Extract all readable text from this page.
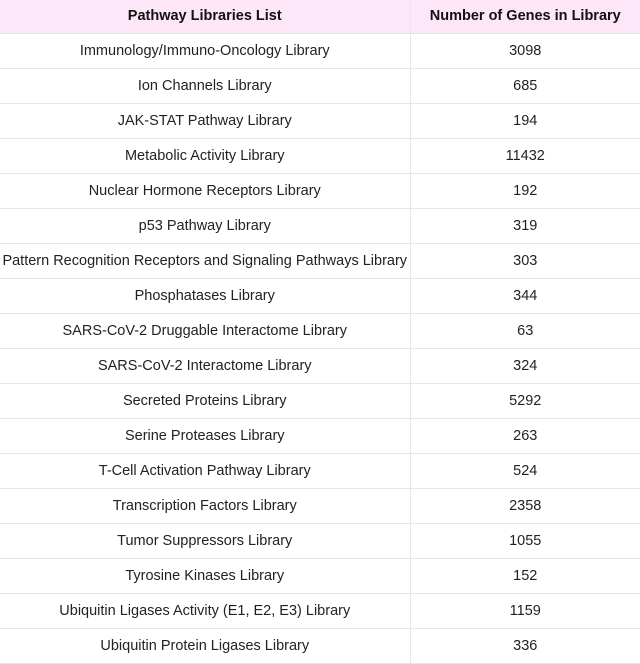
Pathway Libraries List	Number of Genes in Library
Immunology/Immuno-Oncology Library	3098
Ion Channels Library	685
JAK-STAT Pathway Library	194
Metabolic Activity Library	11432
Nuclear Hormone Receptors Library	192
p53 Pathway Library	319
Pattern Recognition Receptors and Signaling Pathways Library	303
Phosphatases Library	344
SARS-CoV-2 Druggable Interactome Library	63
SARS-CoV-2 Interactome Library	324
Secreted Proteins Library	5292
Serine Proteases Library	263
T-Cell Activation Pathway Library	524
Transcription Factors Library	2358
Tumor Suppressors Library	1055
Tyrosine Kinases Library	152
Ubiquitin Ligases Activity (E1, E2, E3) Library	1159
Ubiquitin Protein Ligases Library	336
